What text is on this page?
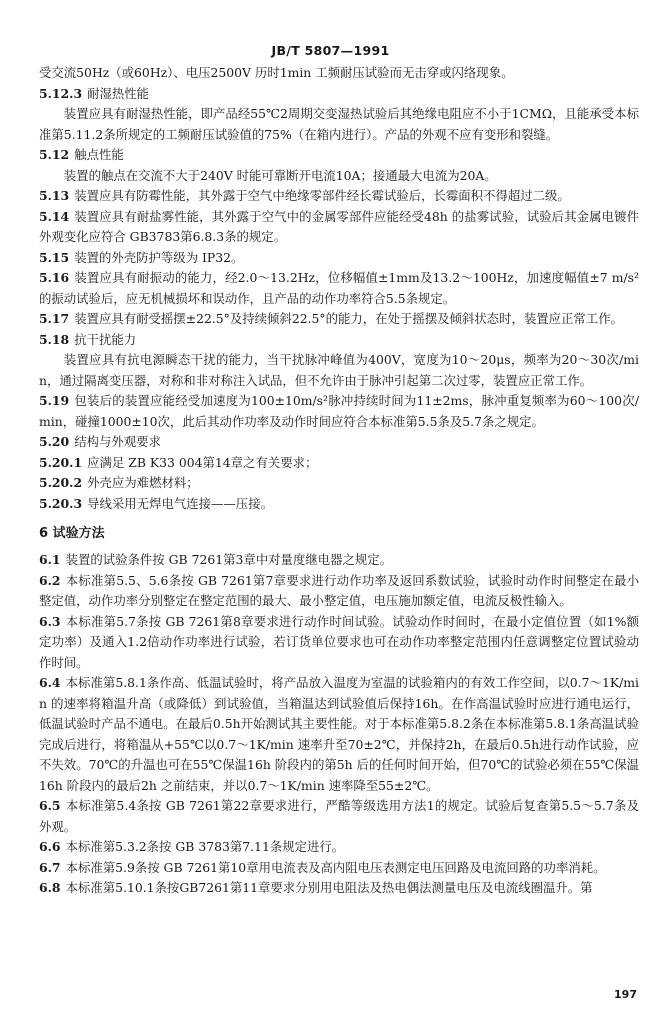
JB/T 5807—1991

受交流50Hz（或60Hz）、电压2500V 历时1min 工频耐压试验而无击穿或闪络现象。

5.12.3 耐湿热性能

装置应具有耐湿热性能，即产品经55℃2周期交变湿热试验后其绝缘电阻应不小于1CMΩ，且能承受本标准第5.11.2条所规定的工频耐压试验值的75%（在箱内进行）。产品的外观不应有变形和裂缝。

5.12 触点性能

装置的触点在交流不大于240V 时能可靠断开电流10A；接通最大电流为20A。

5.13 装置应具有防霉性能，其外露于空气中绝缘零部件经长霉试验后，长霉面积不得超过二级。

5.14 装置应具有耐盐雾性能，其外露于空气中的金属零部件应能经受48h 的盐雾试验，试验后其金属电镀件外观变化应符合 GB3783第6.8.3条的规定。

5.15 装置的外壳防护等级为 IP32。

5.16 装置应具有耐振动的能力，经2.0～13.2Hz，位移幅值±1mm及13.2～100Hz，加速度幅值±7 m/s²的振动试验后，应无机械损坏和误动作，且产品的动作功率符合5.5条规定。

5.17 装置应具有耐受摇摆±22.5°及持续倾斜22.5°的能力，在处于摇摆及倾斜状态时，装置应正常工作。

5.18 抗干扰能力

装置应具有抗电源瞬态干扰的能力，当干扰脉冲峰值为400V，宽度为10～20μs，频率为20～30次/min，通过隔离变压器，对称和非对称注入试品，但不允许由于脉冲引起第二次过零，装置应正常工作。

5.19 包装后的装置应能经受加速度为100±10m/s²脉冲持续时间为11±2ms，脉冲重复频率为60～100次/min，碰撞1000±10次，此后其动作功率及动作时间应符合本标准第5.5条及5.7条之规定。

5.20 结构与外观要求

5.20.1 应满足 ZB K33 004第14章之有关要求；

5.20.2 外壳应为难燃材料；

5.20.3 导线采用无焊电气连接——压接。

6 试验方法

6.1 装置的试验条件按 GB 7261第3章中对量度继电器之规定。

6.2 本标准第5.5、5.6条按 GB 7261第7章要求进行动作功率及返回系数试验，试验时动作时间整定在最小整定值，动作功率分别整定在整定范围的最大、最小整定值，电压施加额定值，电流反极性输入。

6.3 本标准第5.7条按 GB 7261第8章要求进行动作时间试验。试验动作时间时，在最小定值位置（如1%额定功率）及通入1.2倍动作功率进行试验，若订货单位要求也可在动作功率整定范围内任意调整定位置试验动作时间。

6.4 本标准第5.8.1条作高、低温试验时，将产品放入温度为室温的试验箱内的有效工作空间，以0.7～1K/min 的速率将箱温升高（或降低）到试验值，当箱温达到试验值后保持16h。在作高温试验时应进行通电运行，低温试验时产品不通电。在最后0.5h开始测试其主要性能。对于本标准第5.8.2条在本标准第5.8.1条高温试验完成后进行，将箱温从+55℃以0.7～1K/min 速率升至70±2℃，并保持2h，在最后0.5h进行动作试验，应不失效。70℃的升温也可在55℃保温16h 阶段内的第5h 后的任何时间开始，但70℃的试验必须在55℃保温16h 阶段内的最后2h 之前结束，并以0.7～1K/min 速率降至55±2℃。

6.5 本标准第5.4条按 GB 7261第22章要求进行，严酷等级选用方法1的规定。试验后复查第5.5～5.7条及外观。

6.6 本标准第5.3.2条按 GB 3783第7.11条规定进行。

6.7 本标准第5.9条按 GB 7261第10章用电流表及高内阻电压表测定电压回路及电流回路的功率消耗。

6.8 本标准第5.10.1条按GB7261第11章要求分别用电阻法及热电偶法测量电压及电流线圈温升。第

197
